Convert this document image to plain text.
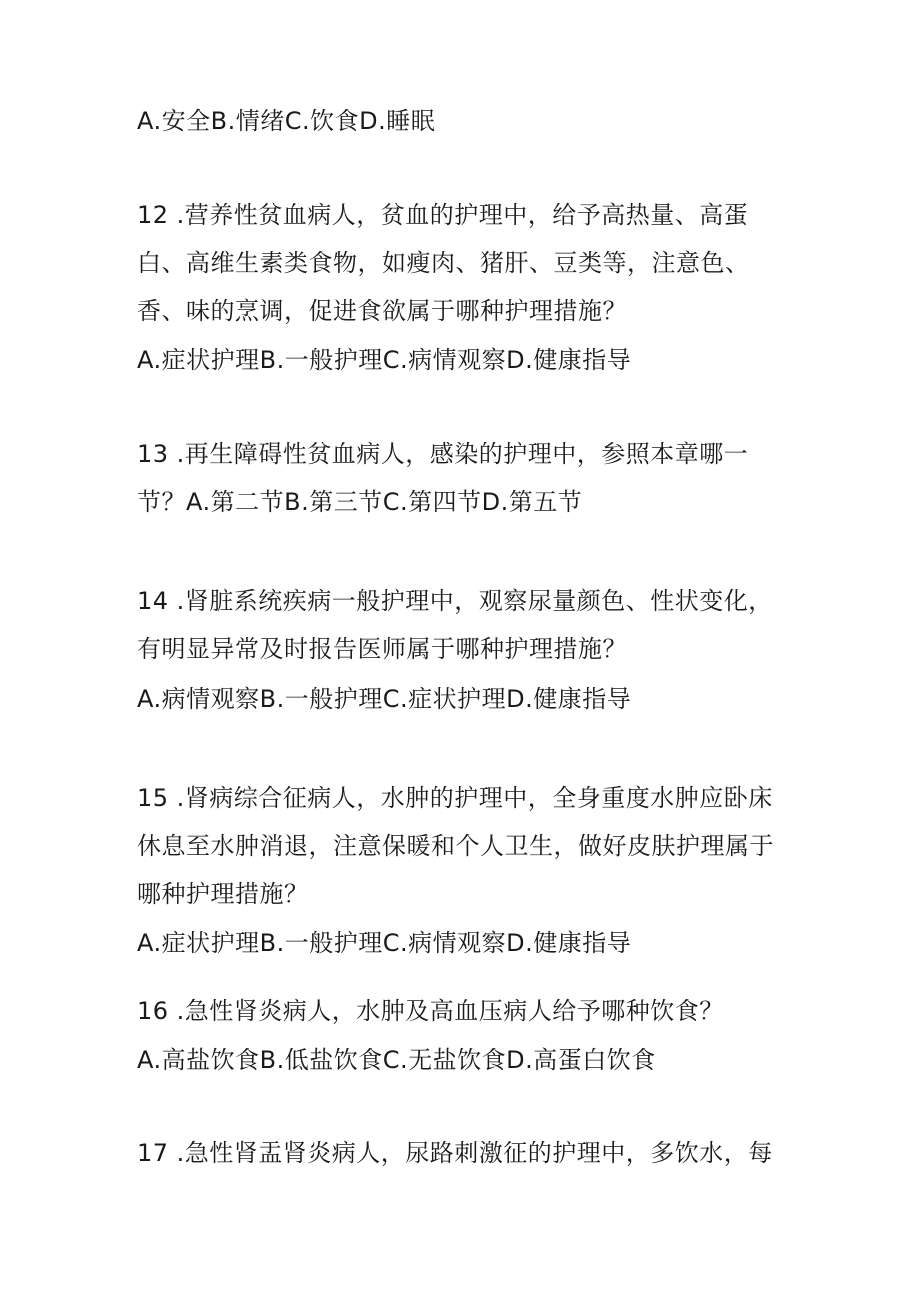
A.安全B.情绪C.饮食D.睡眠
12 .营养性贫血病人，贫血的护理中，给予高热量、高蛋
白、高维生素类食物，如瘦肉、猪肝、豆类等，注意色、
香、味的烹调，促进食欲属于哪种护理措施？
A.症状护理B.一般护理C.病情观察D.健康指导
13 .再生障碍性贫血病人，感染的护理中，参照本章哪一
节？A.第二节B.第三节C.第四节D.第五节
14 .肾脏系统疾病一般护理中，观察尿量颜色、性状变化，
有明显异常及时报告医师属于哪种护理措施？
A.病情观察B.一般护理C.症状护理D.健康指导
15 .肾病综合征病人，水肿的护理中，全身重度水肿应卧床
休息至水肿消退，注意保暖和个人卫生，做好皮肤护理属于
哪种护理措施？
A.症状护理B.一般护理C.病情观察D.健康指导
16 .急性肾炎病人，水肿及高血压病人给予哪种饮食？
A.高盐饮食B.低盐饮食C.无盐饮食D.高蛋白饮食
17 .急性肾盂肾炎病人，尿路刺激征的护理中，多饮水，每
